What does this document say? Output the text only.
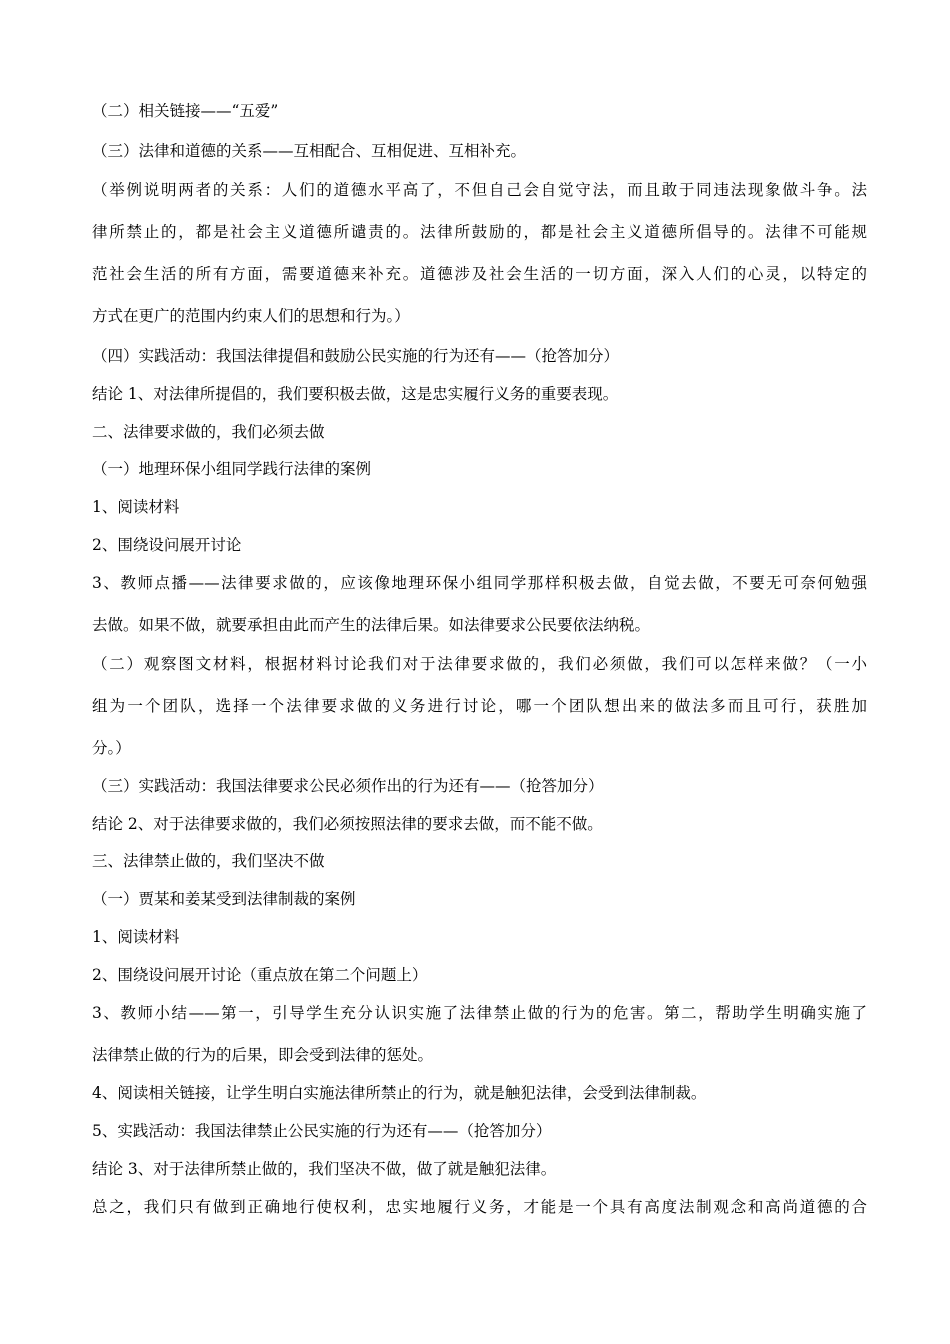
（二）相关链接——“五爱”
（三）法律和道德的关系——互相配合、互相促进、互相补充。
（举例说明两者的关系：人们的道德水平高了，不但自己会自觉守法，而且敢于同违法现象做斗争。法
律所禁止的，都是社会主义道德所谴责的。法律所鼓励的，都是社会主义道德所倡导的。法律不可能规
范社会生活的所有方面，需要道德来补充。道德涉及社会生活的一切方面，深入人们的心灵，以特定的
方式在更广的范围内约束人们的思想和行为。）
（四）实践活动：我国法律提倡和鼓励公民实施的行为还有——（抢答加分）
结论 1、对法律所提倡的，我们要积极去做，这是忠实履行义务的重要表现。
二、法律要求做的，我们必须去做
（一）地理环保小组同学践行法律的案例
1、阅读材料
2、围绕设问展开讨论
3、教师点播——法律要求做的，应该像地理环保小组同学那样积极去做，自觉去做，不要无可奈何勉强
去做。如果不做，就要承担由此而产生的法律后果。如法律要求公民要依法纳税。
（二）观察图文材料，根据材料讨论我们对于法律要求做的，我们必须做，我们可以怎样来做？（一小
组为一个团队，选择一个法律要求做的义务进行讨论，哪一个团队想出来的做法多而且可行，获胜加
分。）
（三）实践活动：我国法律要求公民必须作出的行为还有——（抢答加分）
结论 2、对于法律要求做的，我们必须按照法律的要求去做，而不能不做。
三、法律禁止做的，我们坚决不做
（一）贾某和姜某受到法律制裁的案例
1、阅读材料
2、围绕设问展开讨论（重点放在第二个问题上）
3、教师小结——第一，引导学生充分认识实施了法律禁止做的行为的危害。第二，帮助学生明确实施了
法律禁止做的行为的后果，即会受到法律的惩处。
4、阅读相关链接，让学生明白实施法律所禁止的行为，就是触犯法律，会受到法律制裁。
5、实践活动：我国法律禁止公民实施的行为还有——（抢答加分）
结论 3、对于法律所禁止做的，我们坚决不做，做了就是触犯法律。
总之，我们只有做到正确地行使权利，忠实地履行义务，才能是一个具有高度法制观念和高尚道德的合
